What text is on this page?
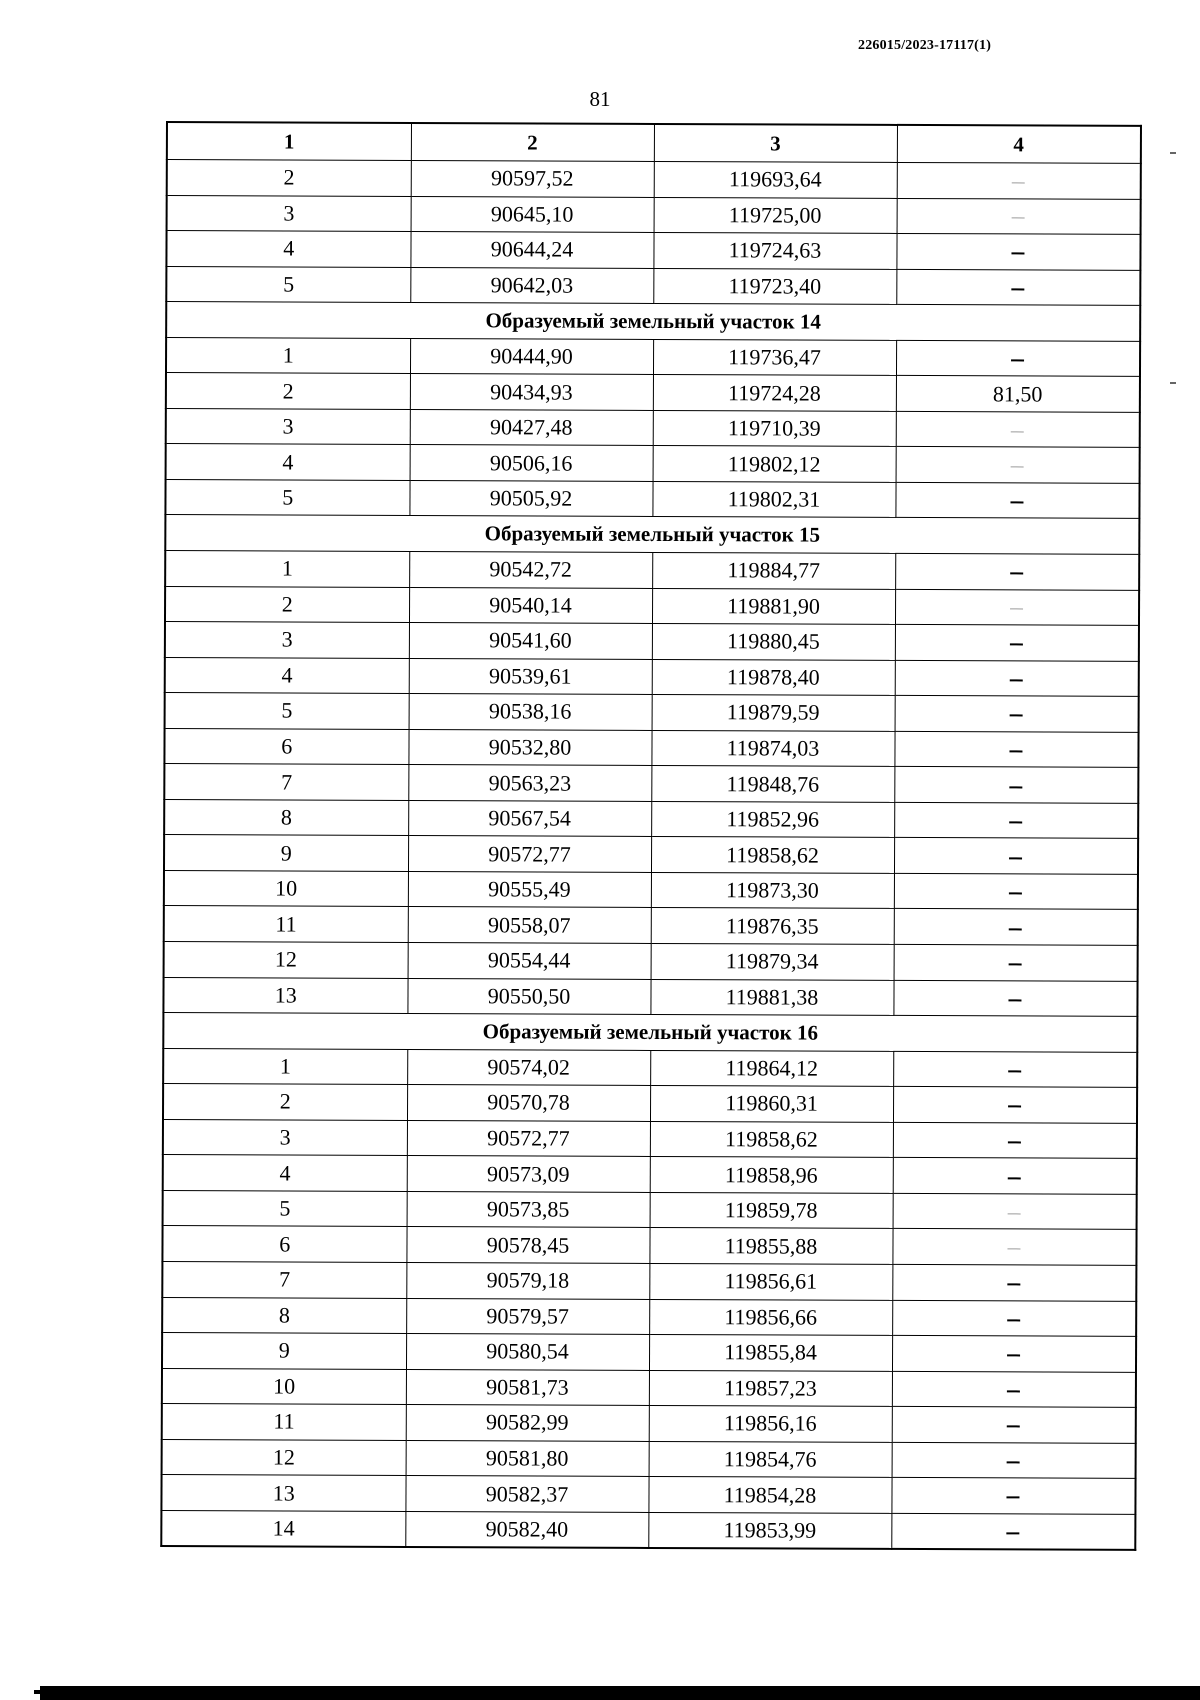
226015/2023-17117(1)
81
1	2	3	4
2	90597,52	119693,64	
3	90645,10	119725,00	
4	90644,24	119724,63	
5	90642,03	119723,40	
Образуемый земельный участок 14			
1	90444,90	119736,47	
2	90434,93	119724,28	81,50
3	90427,48	119710,39	
4	90506,16	119802,12	
5	90505,92	119802,31	
Образуемый земельный участок 15			
1	90542,72	119884,77	
2	90540,14	119881,90	
3	90541,60	119880,45	
4	90539,61	119878,40	
5	90538,16	119879,59	
6	90532,80	119874,03	
7	90563,23	119848,76	
8	90567,54	119852,96	
9	90572,77	119858,62	
10	90555,49	119873,30	
11	90558,07	119876,35	
12	90554,44	119879,34	
13	90550,50	119881,38	
Образуемый земельный участок 16			
1	90574,02	119864,12	
2	90570,78	119860,31	
3	90572,77	119858,62	
4	90573,09	119858,96	
5	90573,85	119859,78	
6	90578,45	119855,88	
7	90579,18	119856,61	
8	90579,57	119856,66	
9	90580,54	119855,84	
10	90581,73	119857,23	
11	90582,99	119856,16	
12	90581,80	119854,76	
13	90582,37	119854,28	
14	90582,40	119853,99	
